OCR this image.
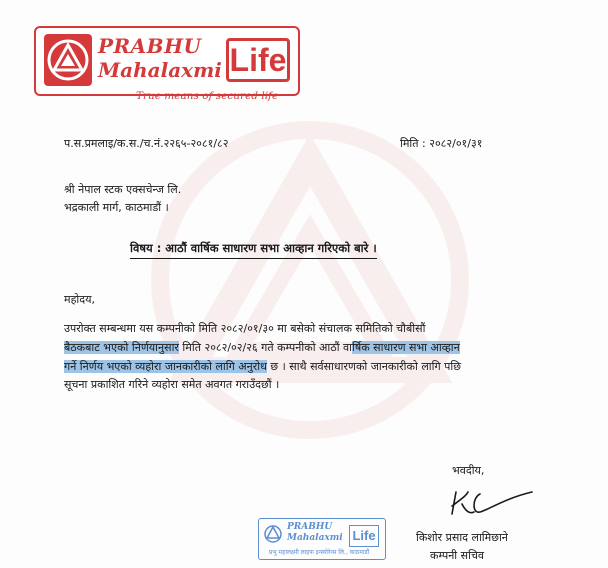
PRABHU
Mahalaxmi Life
True means of secured life
प.स.प्रमलाइ/क.स./च.नं.२२६५-२०८१/८२	मिति : २०८२/०१/३१
श्री नेपाल स्टक एक्सचेन्ज लि.
भद्रकाली मार्ग, काठमाडौं ।
विषय : आठौं वार्षिक साधारण सभा आव्हान गरिएको बारे ।
महोदय,
उपरोक्त सम्बन्धमा यस कम्पनीको मिति २०८२/०१/३० मा बसेको संचालक समितिको चौबीसौं
बैठकबाट भएको निर्णयानुसार मिति २०८२/०२/२६ गते कम्पनीको आठौं वार्षिक साधारण सभा आव्हान
गर्ने निर्णय भएको व्यहोरा जानकारीको लागि अनुरोध छ । साथै सर्वसाधारणको जानकारीको लागि पछि
सूचना प्रकाशित गरिने व्यहोरा समेत अवगत गराउँदछौं ।
भवदीय,
किशोर प्रसाद लामिछाने
कम्पनी सचिव
PRABHU
Mahalaxmi Life
प्रभु महालक्ष्मी लाइफ इन्स्योरेन्स लि., काठमाडौं
